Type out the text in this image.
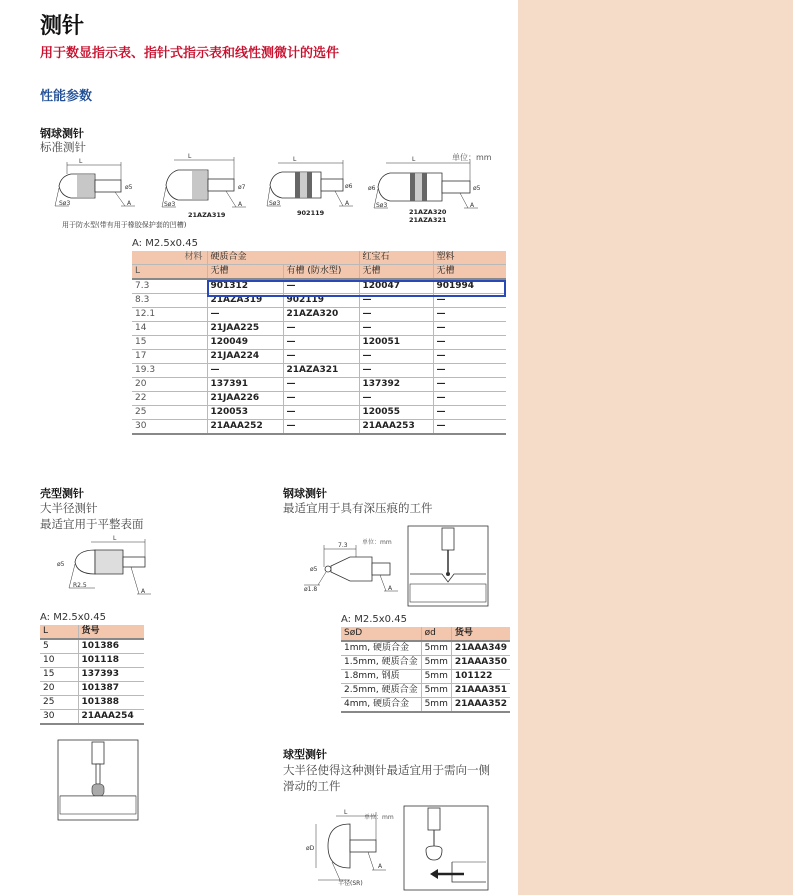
测针
用于数显指示表、指针式指示表和线性测微计的选件
性能参数
钢球测针
标准测针
单位：mm
L
Sø3	A
ø5
L
Sø3	A
ø7
21AZA319
L
Sø3	A
ø6
902119
L
Sø3	A
ø5
ø6
21AZA320
21AZA321
用于防水型(带有用于橡胶保护套的凹槽)
A: M2.5x0.45
材料	硬质合金		红宝石	塑料
L	无槽	有槽 (防水型)	无槽	无槽
7.3	901312	—	120047	901994
8.3	21AZA319	902119	—	—
12.1	—	21AZA320	—	—
14	21JAA225	—	—	—
15	120049	—	120051	—
17	21JAA224	—	—	—
19.3	—	21AZA321	—	—
20	137391	—	137392	—
22	21JAA226	—	—	—
25	120053	—	120055	—
30	21AAA252	—	21AAA253	—
壳型测针
大半径测针
最适宜用于平整表面
L
ø5
R2.5
A
A: M2.5x0.45
L	货号
5	101386
10	101118
15	137393
20	101387
25	101388
30	21AAA254
钢球测针
最适宜用于具有深压痕的工件
7.3 单位：mm
ø5
ø1.8	A
A: M2.5x0.45
SøD	ød	货号
1mm, 硬质合金	5mm	21AAA349
1.5mm, 硬质合金	5mm	21AAA350
1.8mm, 钢质	5mm	101122
2.5mm, 硬质合金	5mm	21AAA351
4mm, 硬质合金	5mm	21AAA352
球型测针
大半径使得这种测针最适宜用于需向一侧
滑动的工件
L
单位：mm
øD
A
半径(SR)
